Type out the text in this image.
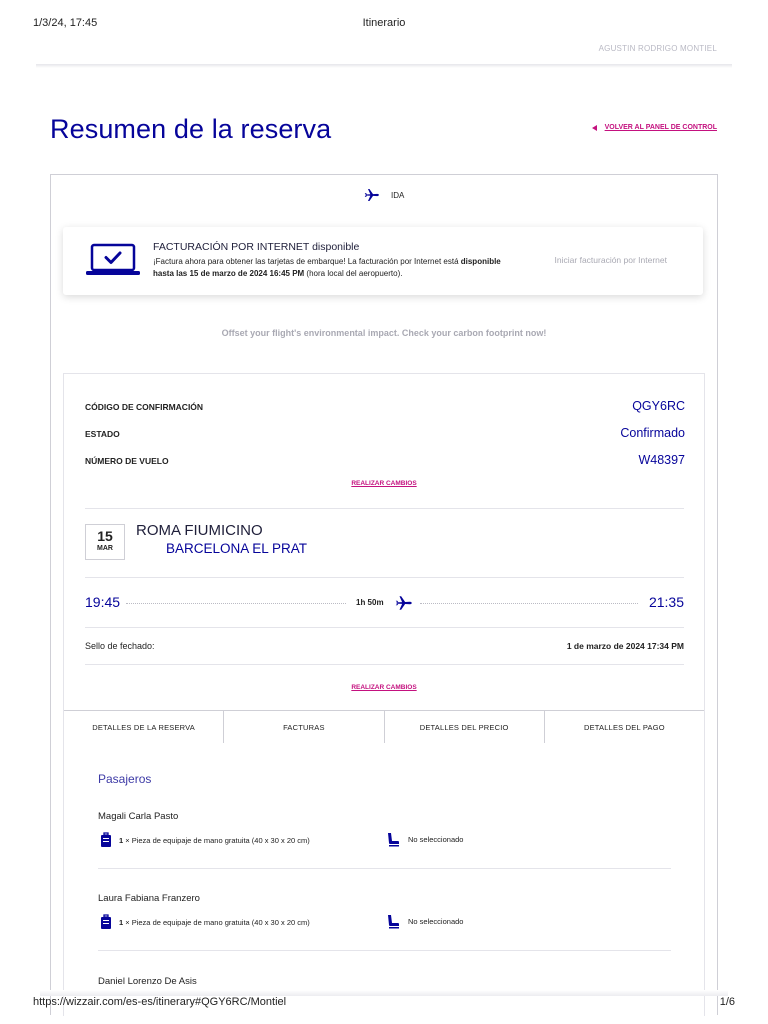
1/3/24, 17:45	Itinerario
AGUSTIN RODRIGO MONTIEL
Resumen de la reserva	VOLVER AL PANEL DE CONTROL
IDA
FACTURACIÓN POR INTERNET disponible
¡Factura ahora para obtener las tarjetas de embarque! La facturación por Internet está disponible hasta las 15 de marzo de 2024 16:45 PM (hora local del aeropuerto).
Iniciar facturación por Internet
Offset your flight's environmental impact. Check your carbon footprint now!
CÓDIGO DE CONFIRMACIÓN	QGY6RC
ESTADO	Confirmado
NÚMERO DE VUELO	W48397
REALIZAR CAMBIOS
15
MAR
ROMA FIUMICINO
BARCELONA EL PRAT
19:45	1h 50m	21:35
Sello de fechado:	1 de marzo de 2024 17:34 PM
REALIZAR CAMBIOS
DETALLES DE LA RESERVA	FACTURAS	DETALLES DEL PRECIO	DETALLES DEL PAGO
Pasajeros
Magali Carla Pasto
1 × Pieza de equipaje de mano gratuita (40 x 30 x 20 cm)	No seleccionado
Laura Fabiana Franzero
1 × Pieza de equipaje de mano gratuita (40 x 30 x 20 cm)	No seleccionado
Daniel Lorenzo De Asis
https://wizzair.com/es-es/itinerary#QGY6RC/Montiel	1/6
